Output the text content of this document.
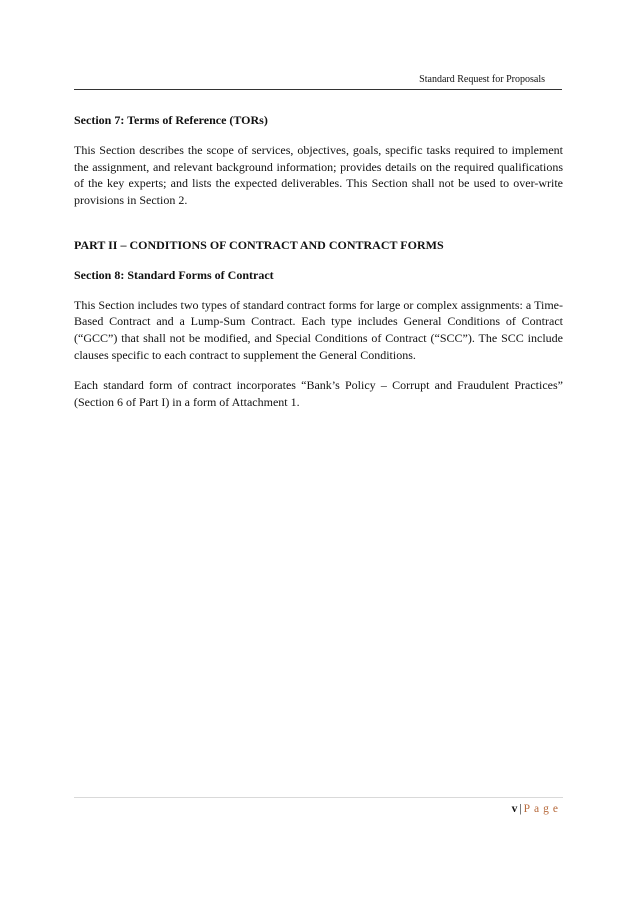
Standard Request for Proposals

Section 7: Terms of Reference (TORs)

This Section describes the scope of services, objectives, goals, specific tasks required to implement the assignment, and relevant background information; provides details on the required qualifications of the key experts; and lists the expected deliverables. This Section shall not be used to over-write provisions in Section 2.

PART II – CONDITIONS OF CONTRACT AND CONTRACT FORMS

Section 8: Standard Forms of Contract

This Section includes two types of standard contract forms for large or complex assignments: a Time-Based Contract and a Lump-Sum Contract. Each type includes General Conditions of Contract (“GCC”) that shall not be modified, and Special Conditions of Contract (“SCC”). The SCC include clauses specific to each contract to supplement the General Conditions.

Each standard form of contract incorporates “Bank’s Policy – Corrupt and Fraudulent Practices” (Section 6 of Part I) in a form of Attachment 1.

v | Page
